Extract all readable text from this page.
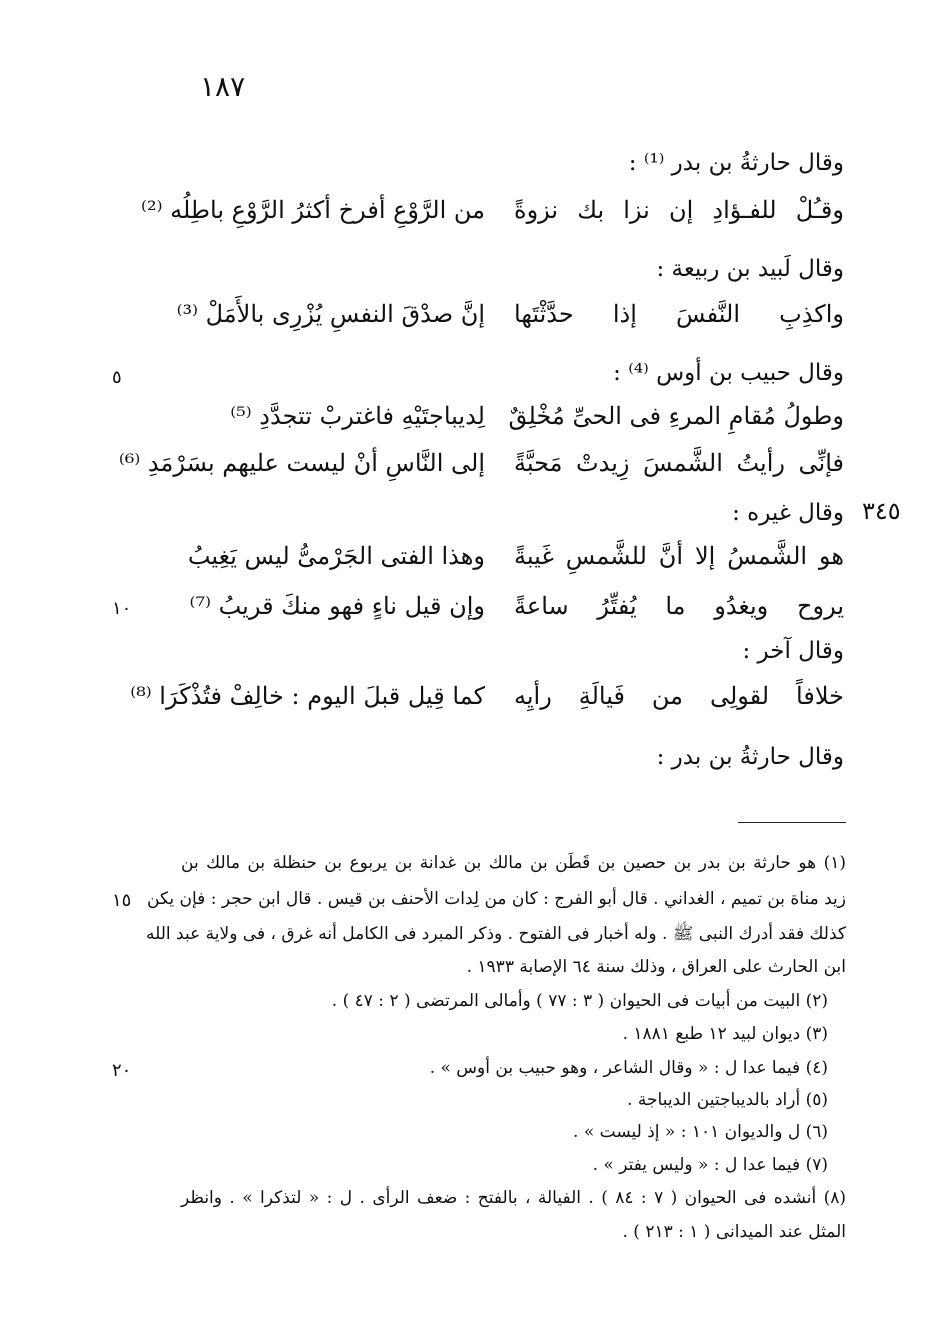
١٨٧
وقال حارثةُ بن بدر ⁽¹⁾ :
وقـُلْ للفـؤادِ إن نزا بك نزوةً
من الرَّوْعِ أفرخ أكثرُ الرَّوْعِ باطِلُه ⁽²⁾
وقال لَبيد بن ربيعة :
واكذِبِ النَّفسَ إذا حدَّثْتَها
إنَّ صدْقَ النفسِ يُزْرِى بالأَمَلْ ⁽³⁾
وقال حبيب بن أوس ⁽⁴⁾ :
وطولُ مُقامِ المرءِ فى الحىِّ مُخْلِقٌ
لِديباجتَيْهِ فاغتربْ تتجدَّدِ ⁽⁵⁾
فإنِّى رأيتُ الشَّمسَ زِيدتْ مَحبَّةً
إلى النَّاسِ أنْ ليست عليهم بسَرْمَدِ ⁽⁶⁾
وقال غيره :
هو الشَّمسُ إلا أنَّ للشَّمسِ غَيبةً
وهذا الفتى الجَرْمىُّ ليس يَغِيبُ
يروح ويغدُو ما يُفتِّرُ ساعةً
وإن قيل ناءٍ فهو منكَ قريبُ ⁽⁷⁾
وقال آخر :
خلافاً لقولِى من فَيالَةِ رأيِه
كما قِيل قبلَ اليوم : خالِفْ فتُذْكَرَا ⁽⁸⁾
وقال حارثةُ بن بدر :
٣٤٥
٥
١٠
١٥
٢٠
(١) هو حارثة بن بدر بن حصين بن قَطَن بن مالك بن غدانة بن يربوع بن حنظلة بن مالك بن
زيد مناة بن تميم ، الغداني . قال أبو الفرج : كان من لِدات الأحنف بن قيس . قال ابن حجر : فإن يكن
كذلك فقد أدرك النبى ﷺ . وله أخبار فى الفتوح . وذكر المبرد فى الكامل أنه غرق ، فى ولاية عبد الله
ابن الحارث على العراق ، وذلك سنة ٦٤ الإصابة ١٩٣٣ .
(٢) البيت من أبيات فى الحيوان ( ٣ : ٧٧ ) وأمالى المرتضى ( ٢ : ٤٧ ) .
(٣) ديوان لبيد ١٢ طبع ١٨٨١ .
(٤) فيما عدا ل : « وقال الشاعر ، وهو حبيب بن أوس » .
(٥) أراد بالديباجتين الديباجة .
(٦) ل والديوان ١٠١ : « إذ ليست » .
(٧) فيما عدا ل : « وليس يفتر » .
(٨) أنشده فى الحيوان ( ٧ : ٨٤ ) . الفيالة ، بالفتح : ضعف الرأى . ل : « لتذكرا » . وانظر
المثل عند الميدانى ( ١ : ٢١٣ ) .
